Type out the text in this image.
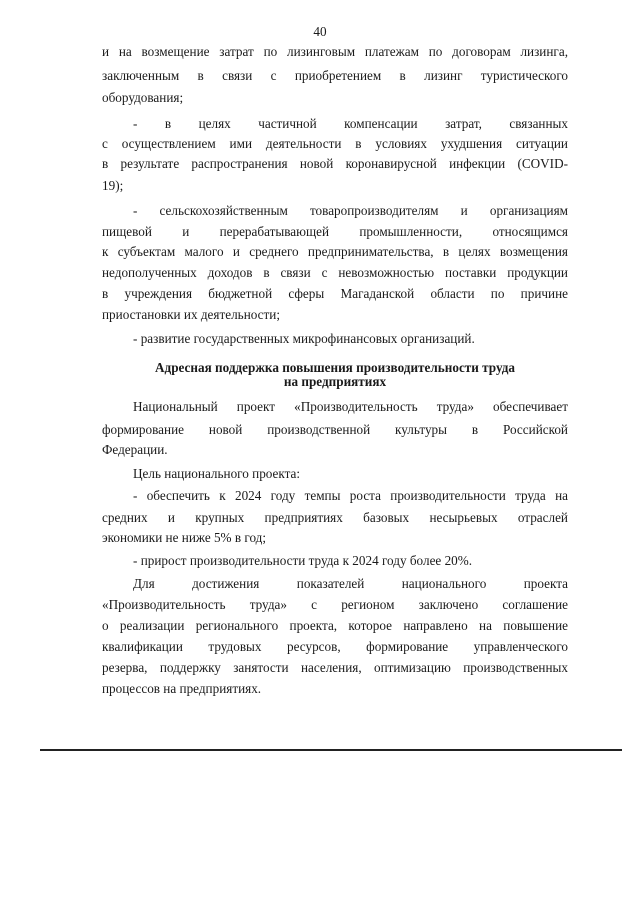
40
и на возмещение затрат по лизинговым платежам по договорам лизинга,
заключенным в связи с приобретением в лизинг туристического
оборудования;
- в целях частичной компенсации затрат, связанных
с осуществлением ими деятельности в условиях ухудшения ситуации
в результате распространения новой коронавирусной инфекции (COVID-
19);
- сельскохозяйственным товаропроизводителям и организациям
пищевой и перерабатывающей промышленности, относящимся
к субъектам малого и среднего предпринимательства, в целях возмещения
недополученных доходов в связи с невозможностью поставки продукции
в учреждения бюджетной сферы Магаданской области по причине
приостановки их деятельности;
- развитие государственных микрофинансовых организаций.
Адресная поддержка повышения производительности труда
на предприятиях
Национальный проект «Производительность труда» обеспечивает
формирование новой производственной культуры в Российской
Федерации.
Цель национального проекта:
- обеспечить к 2024 году темпы роста производительности труда на
средних и крупных предприятиях базовых несырьевых отраслей
экономики не ниже 5% в год;
- прирост производительности труда к 2024 году более 20%.
Для достижения показателей национального проекта
«Производительность труда» с регионом заключено соглашение
о реализации регионального проекта, которое направлено на повышение
квалификации трудовых ресурсов, формирование управленческого
резерва, поддержку занятости населения, оптимизацию производственных
процессов на предприятиях.
